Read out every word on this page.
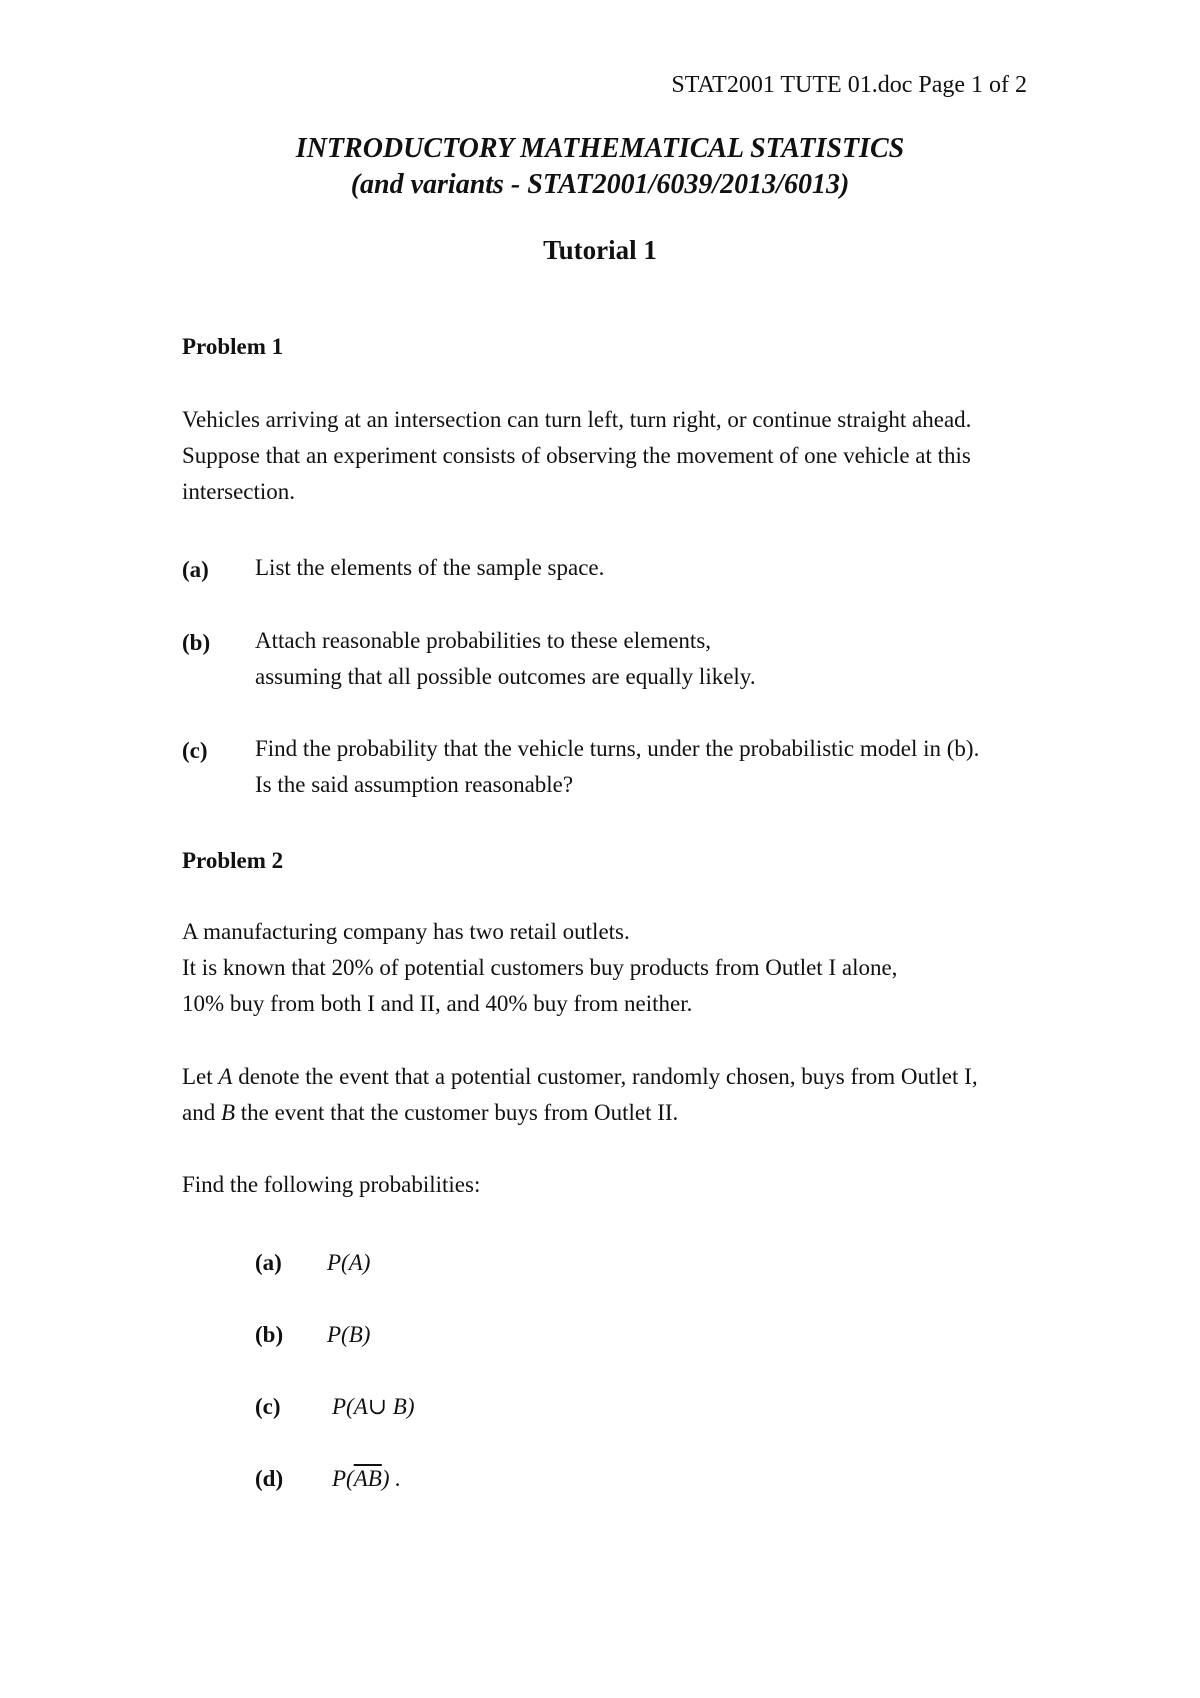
STAT2001 TUTE 01.doc Page 1 of 2
INTRODUCTORY MATHEMATICAL STATISTICS
(and variants - STAT2001/6039/2013/6013)
Tutorial 1
Problem 1
Vehicles arriving at an intersection can turn left, turn right, or continue straight ahead.
Suppose that an experiment consists of observing the movement of one vehicle at this
intersection.
(a) List the elements of the sample space.
(b) Attach reasonable probabilities to these elements,
assuming that all possible outcomes are equally likely.
(c) Find the probability that the vehicle turns, under the probabilistic model in (b).
Is the said assumption reasonable?
Problem 2
A manufacturing company has two retail outlets.
It is known that 20% of potential customers buy products from Outlet I alone,
10% buy from both I and II, and 40% buy from neither.
Let A denote the event that a potential customer, randomly chosen, buys from Outlet I,
and B the event that the customer buys from Outlet II.
Find the following probabilities:
(a) P(A)
(b) P(B)
(c) P(A∪ B)
(d) $P(\overline{AB})$ .
